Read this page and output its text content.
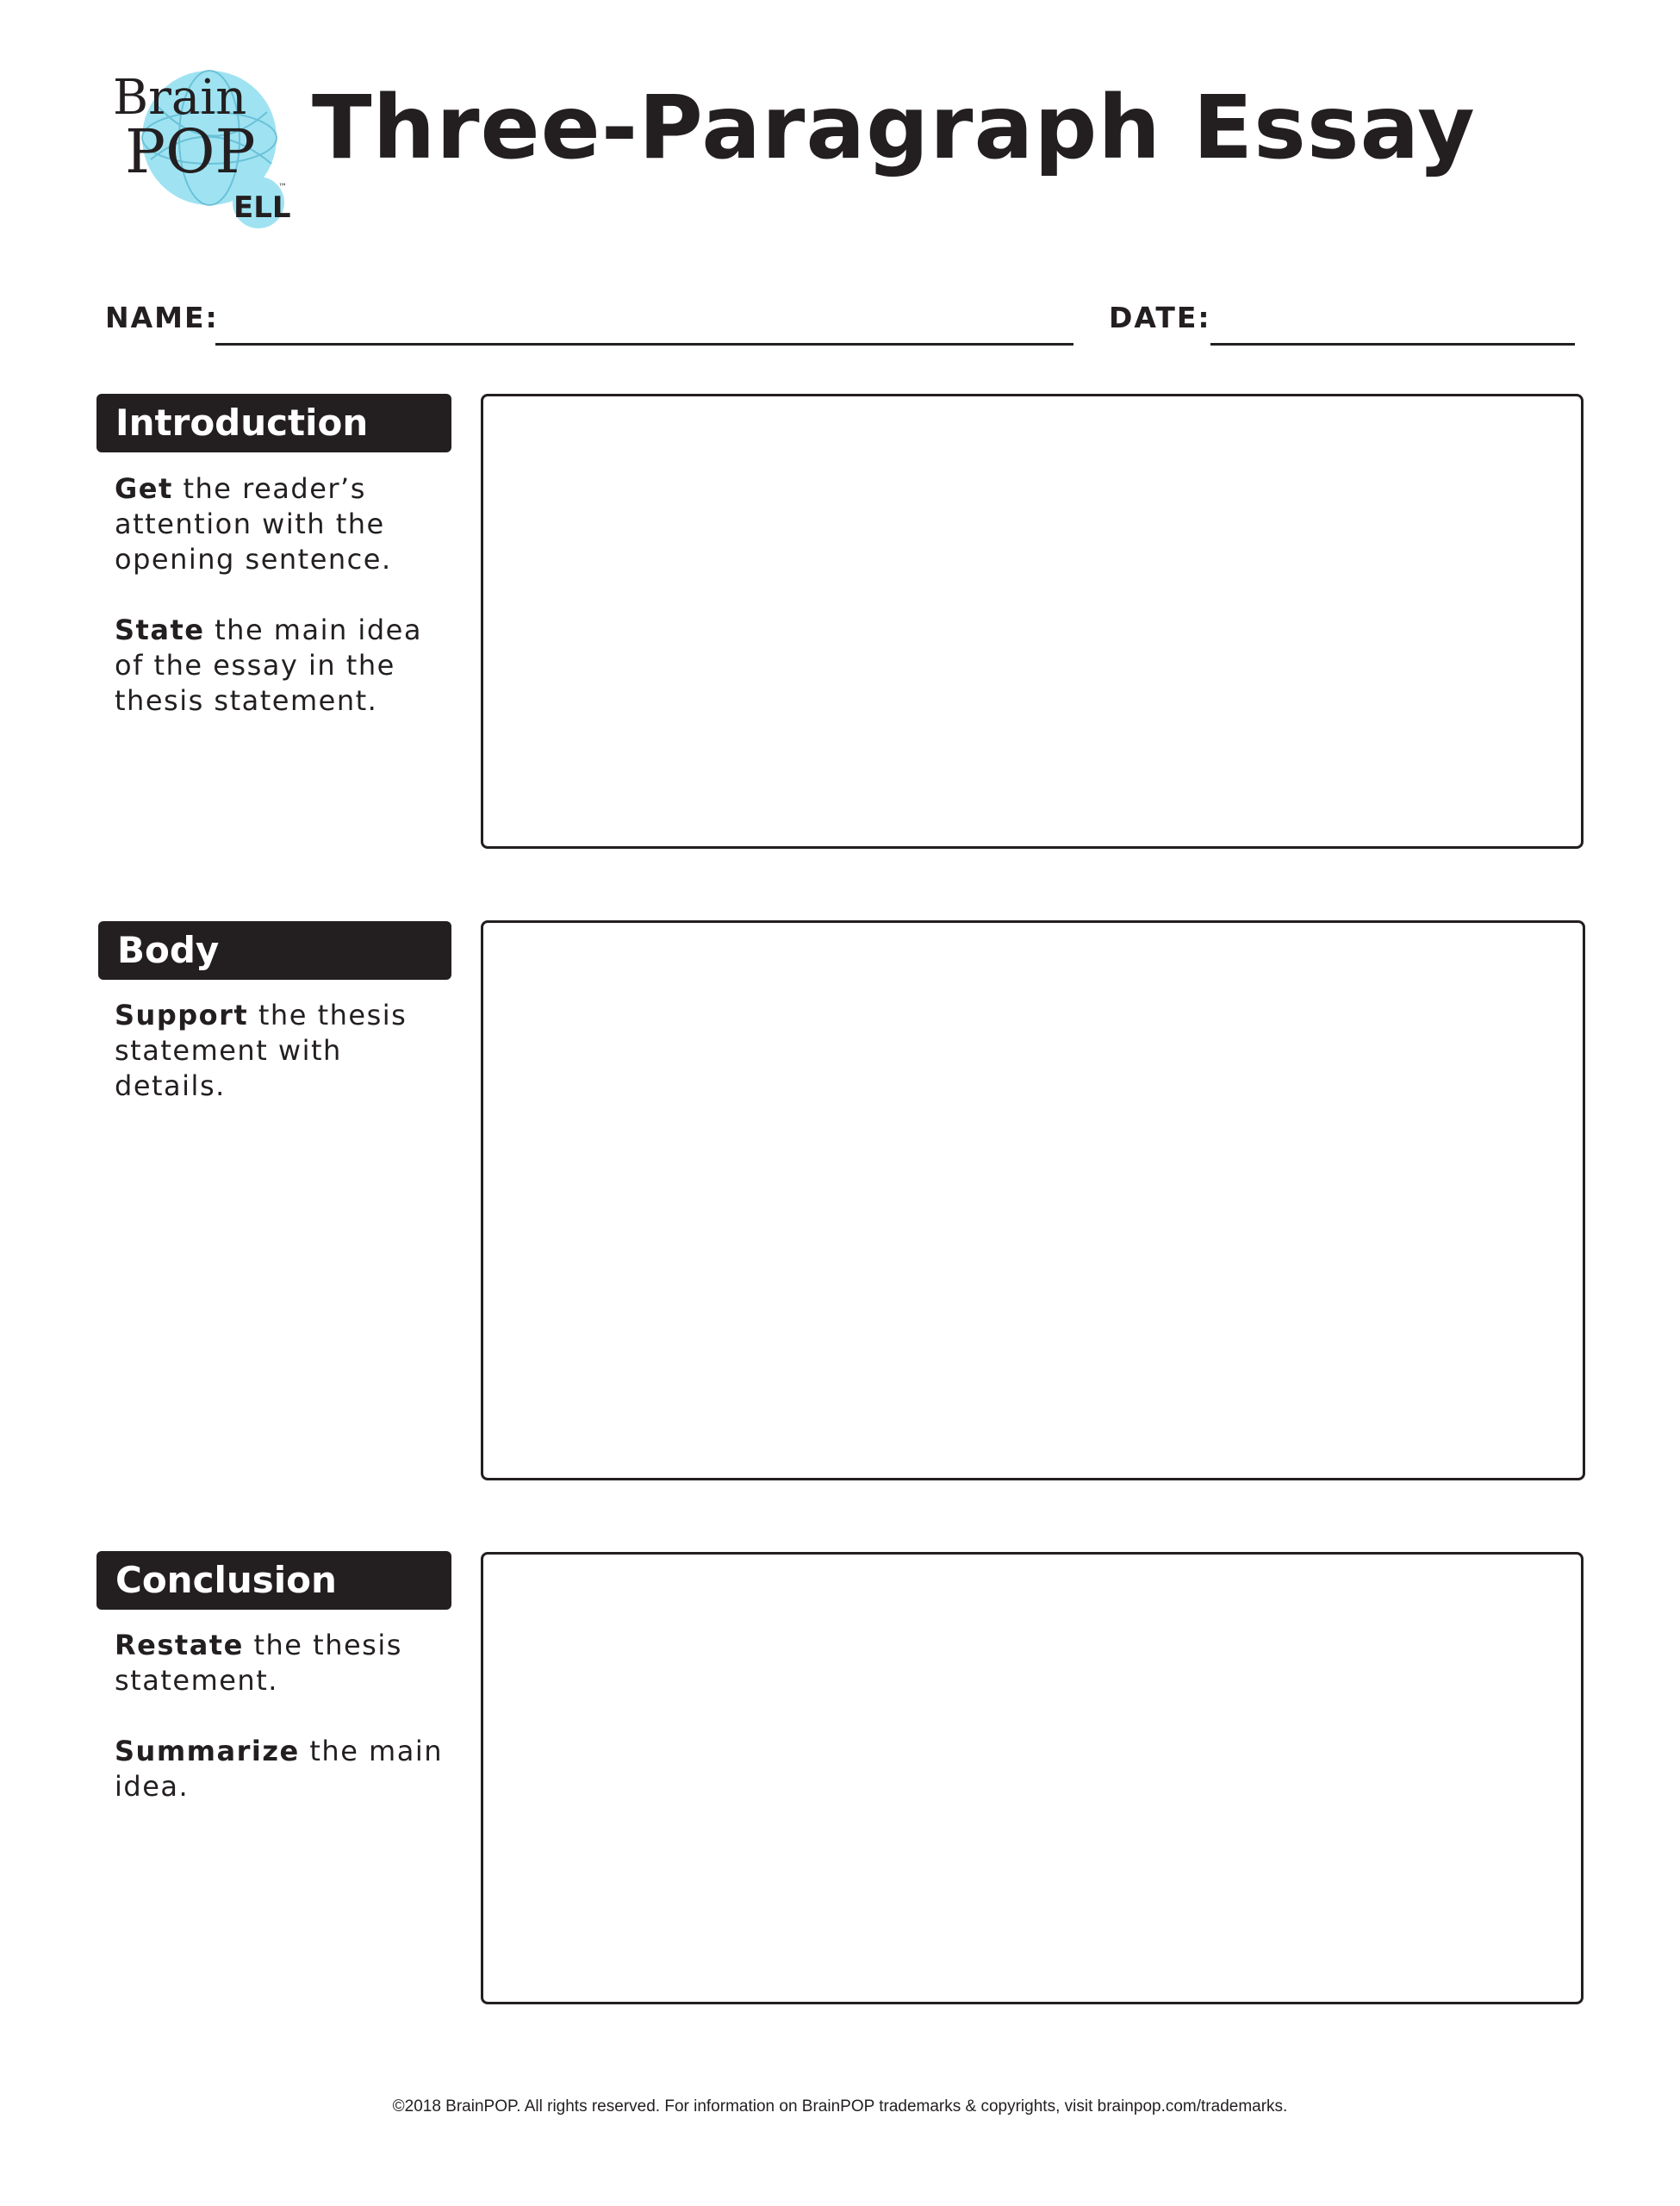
Brain
POP
ELL
™
Three-Paragraph Essay
NAME:	DATE:
Introduction

Get the reader’s attention with the opening sentence.

State the main idea of the essay in the thesis statement.

Body

Support the thesis statement with details.

Conclusion

Restate the thesis statement.

Summarize the main idea.

©2018 BrainPOP. All rights reserved. For information on BrainPOP trademarks & copyrights, visit brainpop.com/trademarks.
